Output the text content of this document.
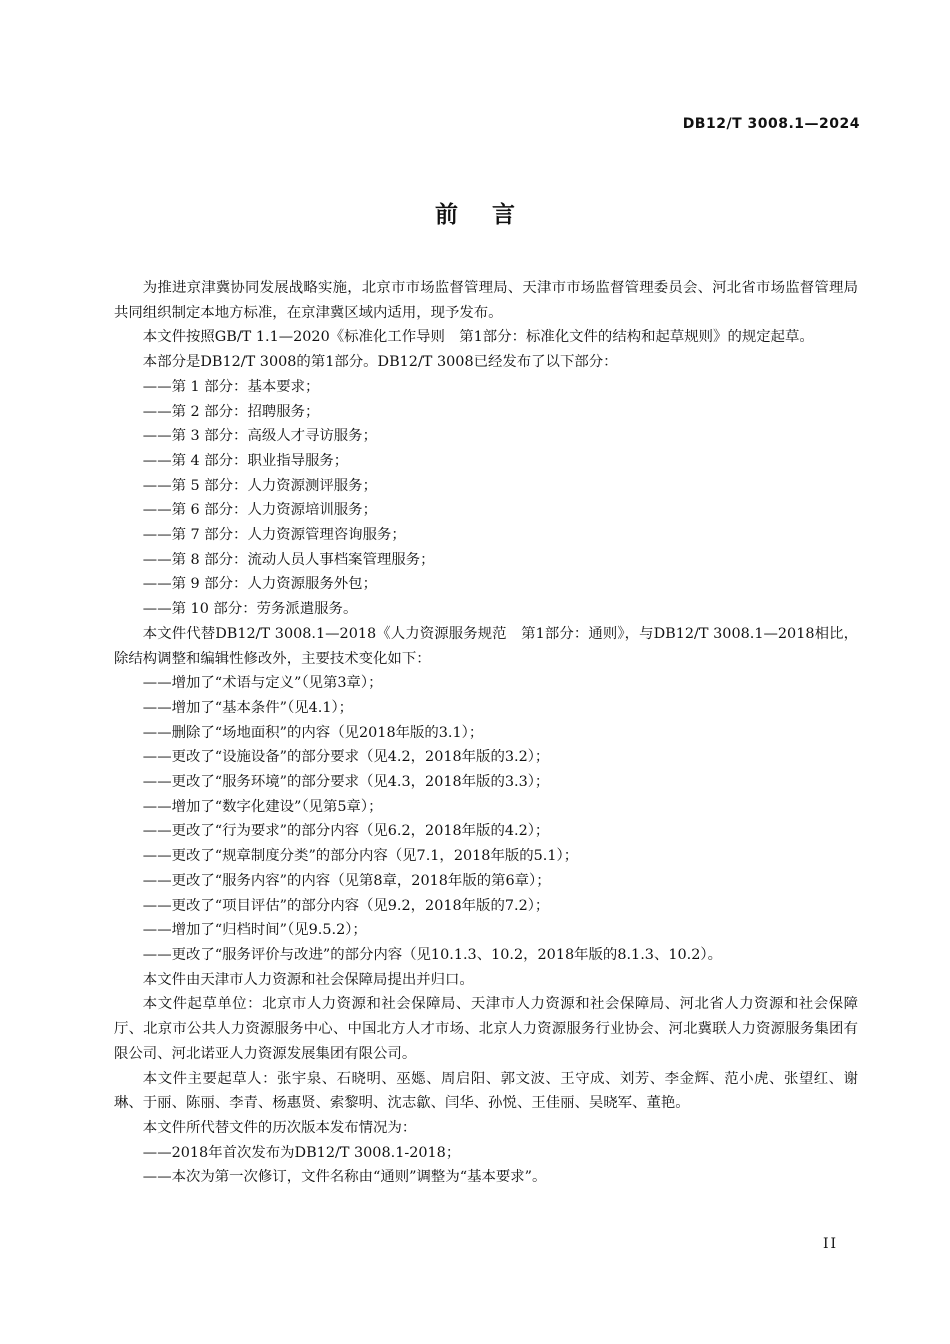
DB12/T 3008.1—2024
前言

为推进京津冀协同发展战略实施，北京市市场监督管理局、天津市市场监督管理委员会、河北省市场监督管理局共同组织制定本地方标准，在京津冀区域内适用，现予发布。

本文件按照GB/T 1.1—2020《标准化工作导则　第1部分：标准化文件的结构和起草规则》的规定起草。

本部分是DB12/T 3008的第1部分。DB12/T 3008已经发布了以下部分：

——第 1 部分：基本要求；

——第 2 部分：招聘服务；

——第 3 部分：高级人才寻访服务；

——第 4 部分：职业指导服务；

——第 5 部分：人力资源测评服务；

——第 6 部分：人力资源培训服务；

——第 7 部分：人力资源管理咨询服务；

——第 8 部分：流动人员人事档案管理服务；

——第 9 部分：人力资源服务外包；

——第 10 部分：劳务派遣服务。

本文件代替DB12/T 3008.1—2018《人力资源服务规范　第1部分：通则》，与DB12/T 3008.1—2018相比，除结构调整和编辑性修改外，主要技术变化如下：

——增加了“术语与定义”（见第3章）；

——增加了“基本条件”（见4.1）；

——删除了“场地面积”的内容（见2018年版的3.1）；

——更改了“设施设备”的部分要求（见4.2，2018年版的3.2）；

——更改了“服务环境”的部分要求（见4.3，2018年版的3.3）；

——增加了“数字化建设”（见第5章）；

——更改了“行为要求”的部分内容（见6.2，2018年版的4.2）；

——更改了“规章制度分类”的部分内容（见7.1，2018年版的5.1）；

——更改了“服务内容”的内容（见第8章，2018年版的第6章）；

——更改了“项目评估”的部分内容（见9.2，2018年版的7.2）；

——增加了“归档时间”（见9.5.2）；

——更改了“服务评价与改进”的部分内容（见10.1.3、10.2，2018年版的8.1.3、10.2）。

本文件由天津市人力资源和社会保障局提出并归口。

本文件起草单位：北京市人力资源和社会保障局、天津市人力资源和社会保障局、河北省人力资源和社会保障厅、北京市公共人力资源服务中心、中国北方人才市场、北京人力资源服务行业协会、河北冀联人力资源服务集团有限公司、河北诺亚人力资源发展集团有限公司。

本文件主要起草人：张宇泉、石晓明、巫嫕、周启阳、郭文波、王守成、刘芳、李金辉、范小虎、张望红、谢琳、于丽、陈丽、李青、杨惠贤、索黎明、沈志歙、闫华、孙悦、王佳丽、吴晓军、董艳。

本文件所代替文件的历次版本发布情况为：

——2018年首次发布为DB12/T 3008.1-2018；

——本次为第一次修订，文件名称由“通则”调整为“基本要求”。

II
